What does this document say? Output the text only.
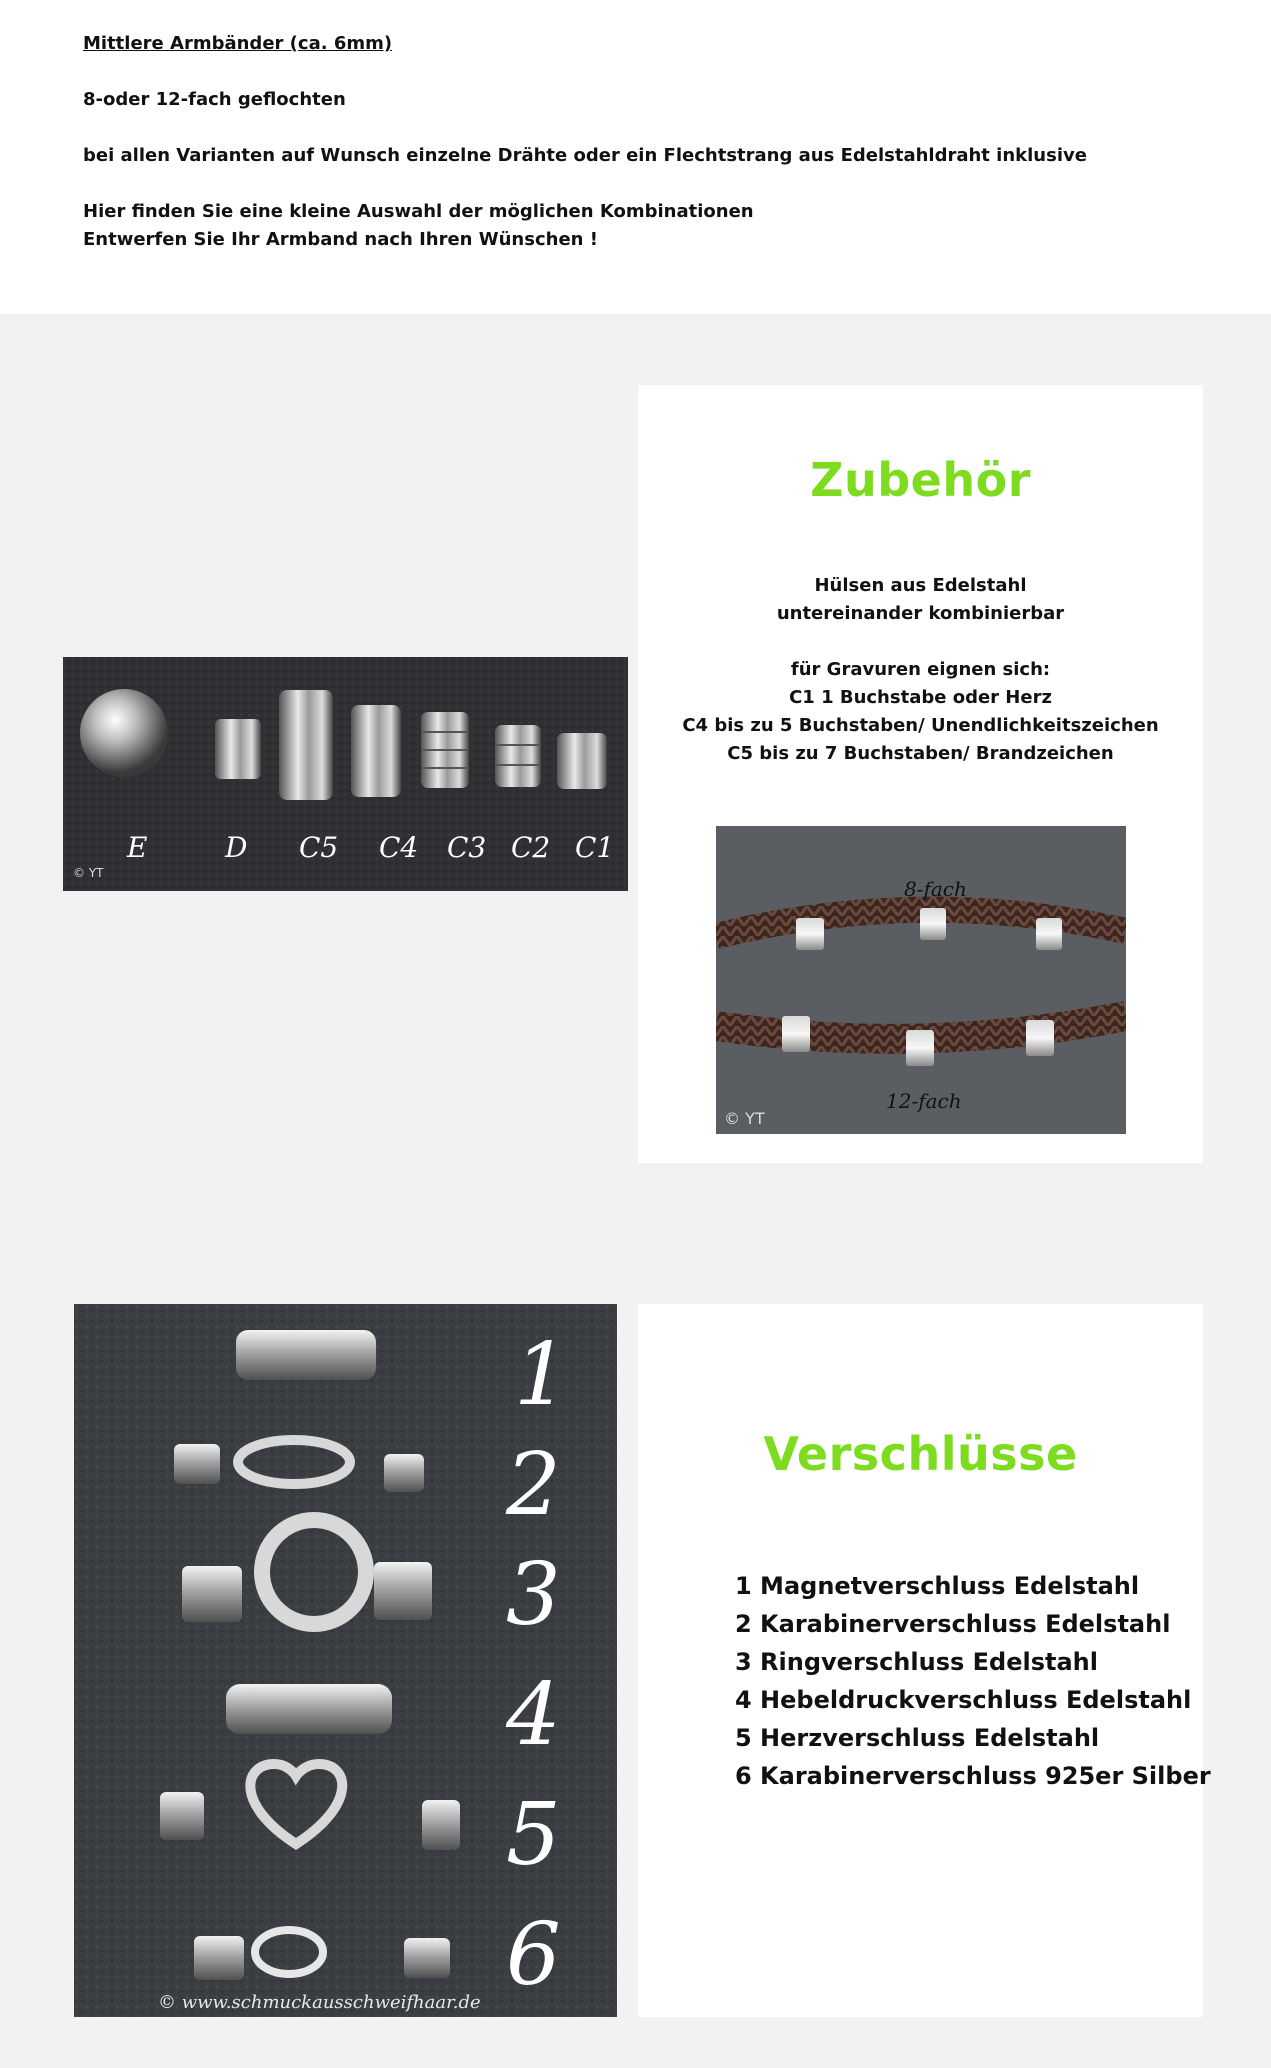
Mittlere Armbänder (ca. 6mm)

8-oder 12-fach geflochten

bei allen Varianten auf Wunsch einzelne Drähte oder ein Flechtstrang aus Edelstahldraht inklusive

Hier finden Sie eine kleine Auswahl der möglichen Kombinationen

Entwerfen Sie Ihr Armband nach Ihren Wünschen !

E	D C5 C4 C3 C2 C1
© YT
Zubehör
Hülsen aus Edelstahl
untereinander kombinierbar
für Gravuren eignen sich:
C1 1 Buchstabe oder Herz
C4 bis zu 5 Buchstaben/ Unendlichkeitszeichen
C5 bis zu 7 Buchstaben/ Brandzeichen
8-fach
12-fach
© YT
1
2
3
4
5
6
© www.schmuckausschweifhaar.de
Verschlüsse
1 Magnetverschluss Edelstahl
2 Karabinerverschluss Edelstahl
3 Ringverschluss Edelstahl
4 Hebeldruckverschluss Edelstahl
5 Herzverschluss Edelstahl
6 Karabinerverschluss 925er Silber
